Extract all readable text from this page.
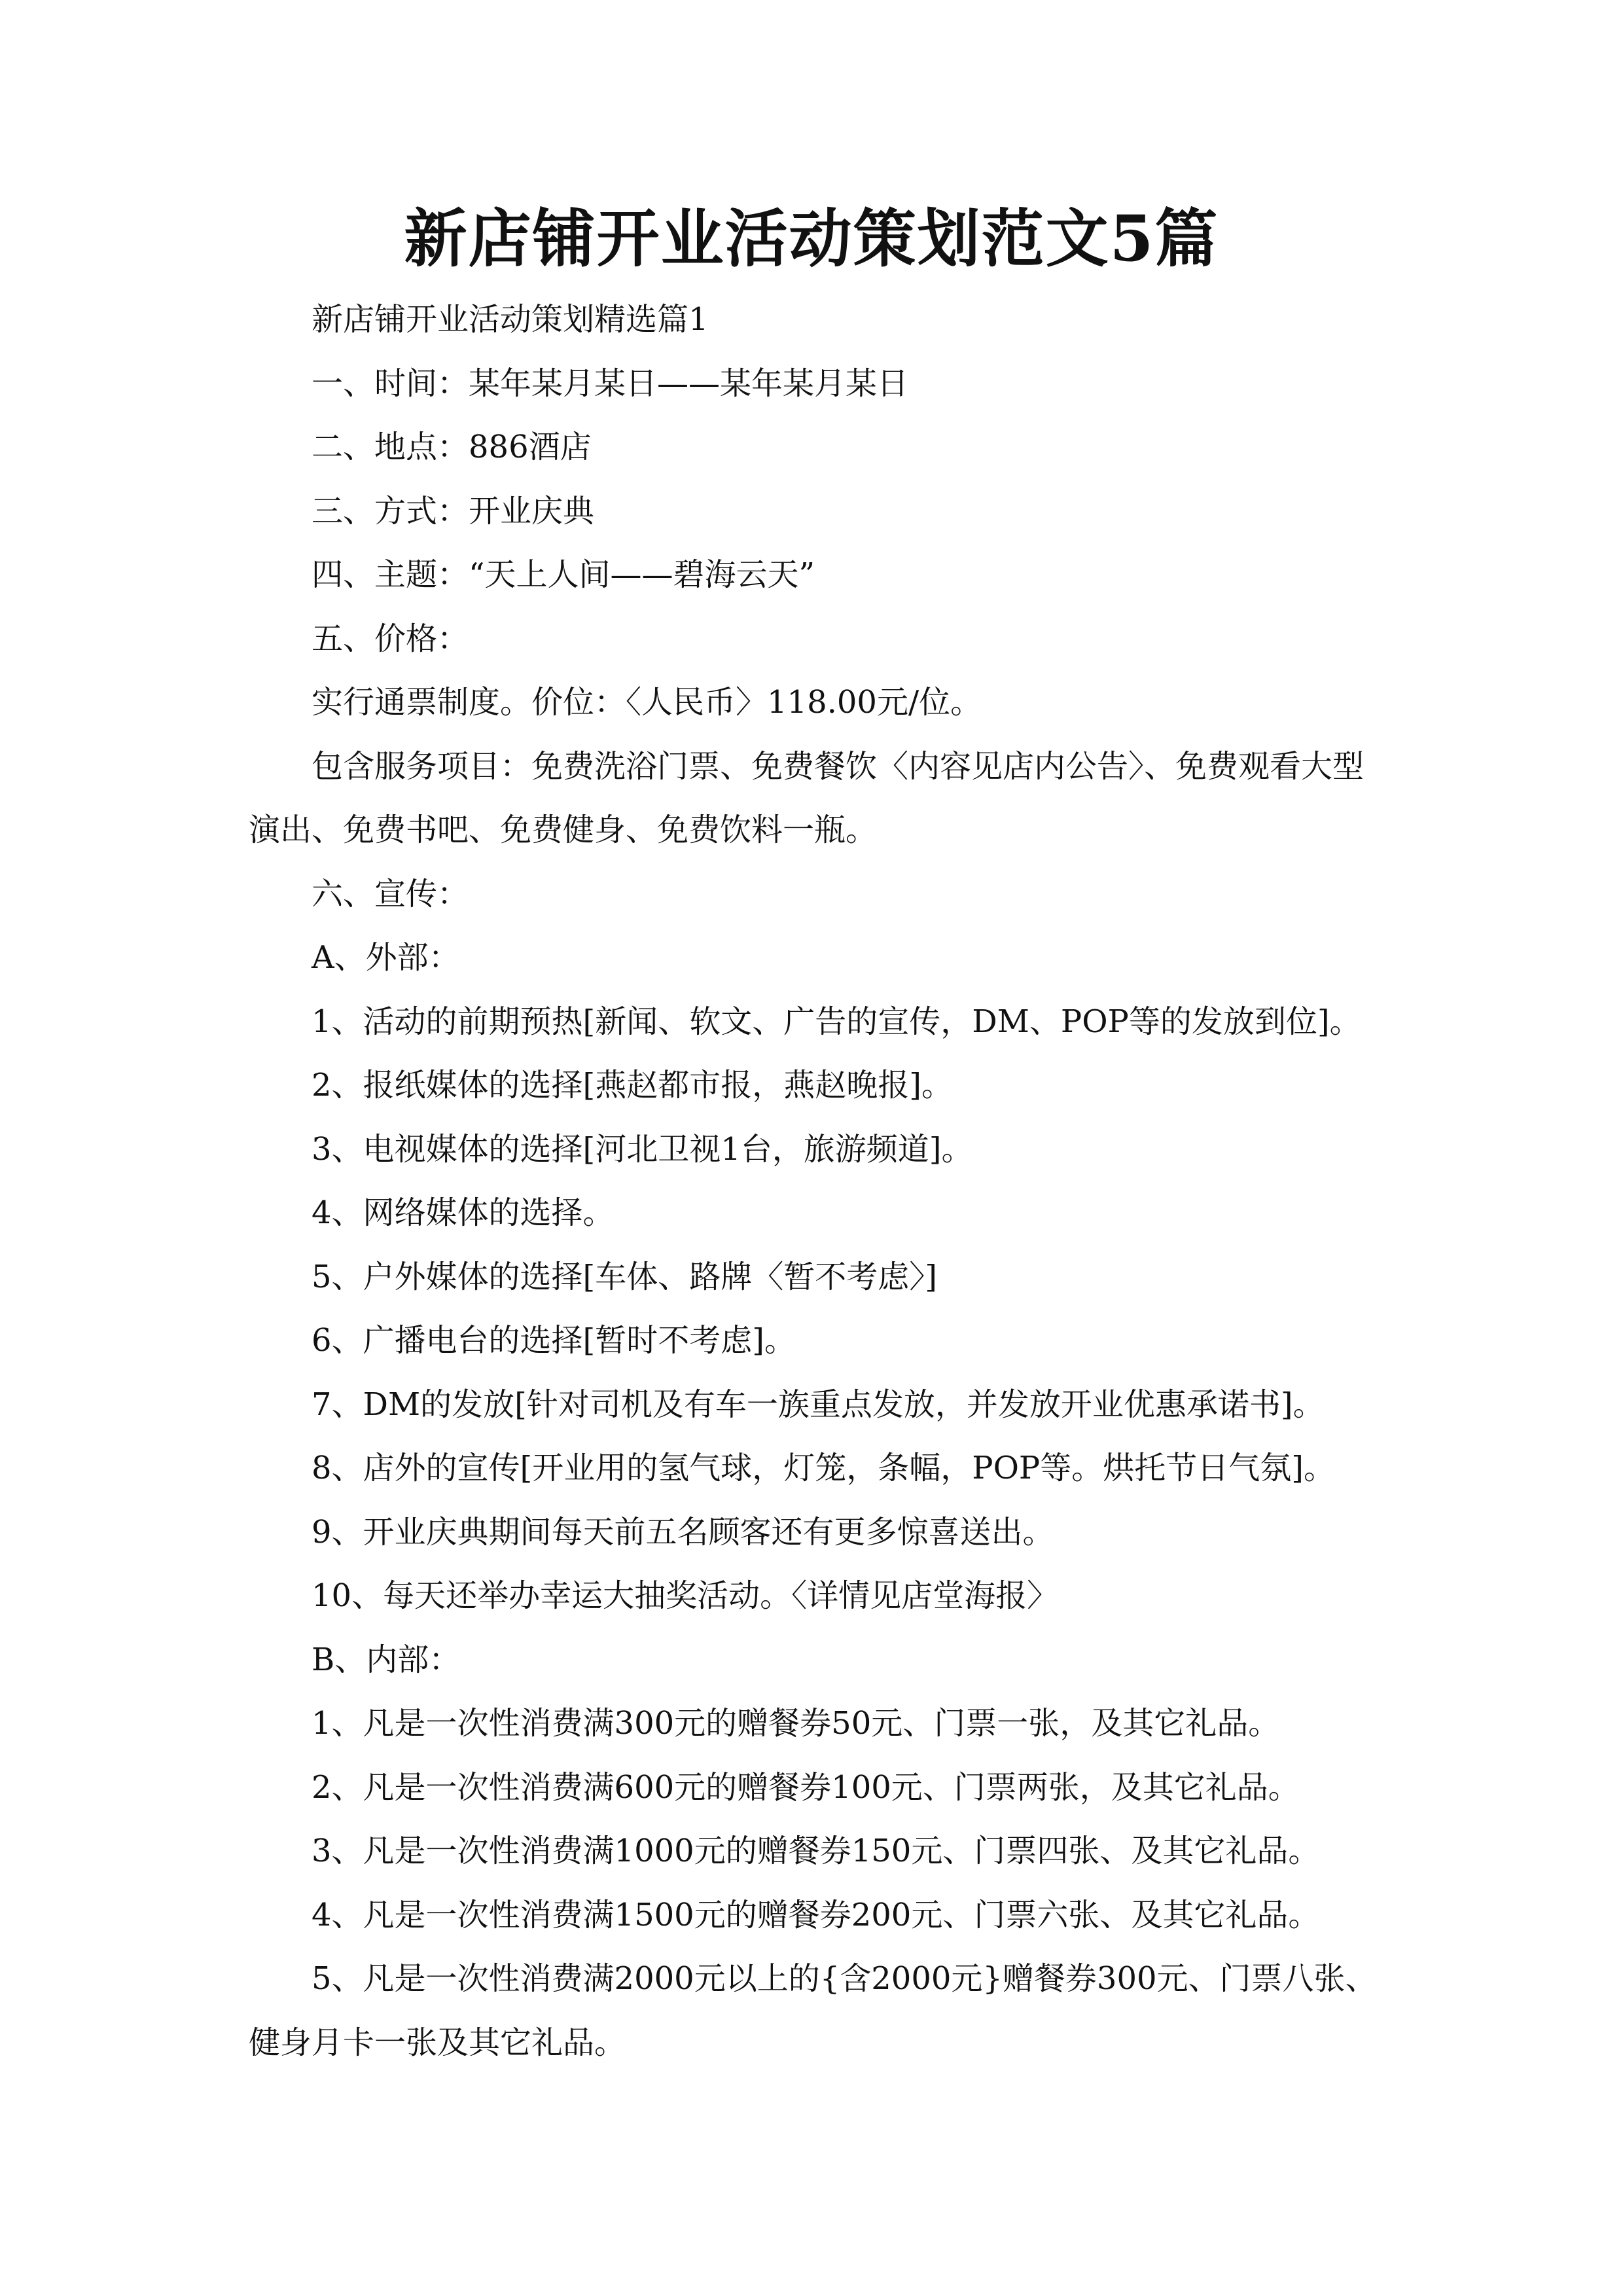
新店铺开业活动策划范文5篇

新店铺开业活动策划精选篇1

一、时间：某年某月某日——某年某月某日

二、地点：886酒店

三、方式：开业庆典

四、主题：“天上人间——碧海云天”

五、价格：

实行通票制度。价位：〈人民币〉118.00元/位。

包含服务项目：免费洗浴门票、免费餐饮〈内容见店内公告〉、免费观看大型演出、免费书吧、免费健身、免费饮料一瓶。

六、宣传：

A、外部：

1、活动的前期预热[新闻、软文、广告的宣传，DM、POP等的发放到位]。

2、报纸媒体的选择[燕赵都市报，燕赵晚报]。

3、电视媒体的选择[河北卫视1台，旅游频道]。

4、网络媒体的选择。

5、户外媒体的选择[车体、路牌〈暂不考虑〉]

6、广播电台的选择[暂时不考虑]。

7、DM的发放[针对司机及有车一族重点发放，并发放开业优惠承诺书]。

8、店外的宣传[开业用的氢气球，灯笼，条幅，POP等。烘托节日气氛]。

9、开业庆典期间每天前五名顾客还有更多惊喜送出。

10、每天还举办幸运大抽奖活动。〈详情见店堂海报〉

B、内部：

1、凡是一次性消费满300元的赠餐券50元、门票一张，及其它礼品。

2、凡是一次性消费满600元的赠餐券100元、门票两张，及其它礼品。

3、凡是一次性消费满1000元的赠餐券150元、门票四张、及其它礼品。

4、凡是一次性消费满1500元的赠餐券200元、门票六张、及其它礼品。

5、凡是一次性消费满2000元以上的{含2000元}赠餐券300元、门票八张、健身月卡一张及其它礼品。
